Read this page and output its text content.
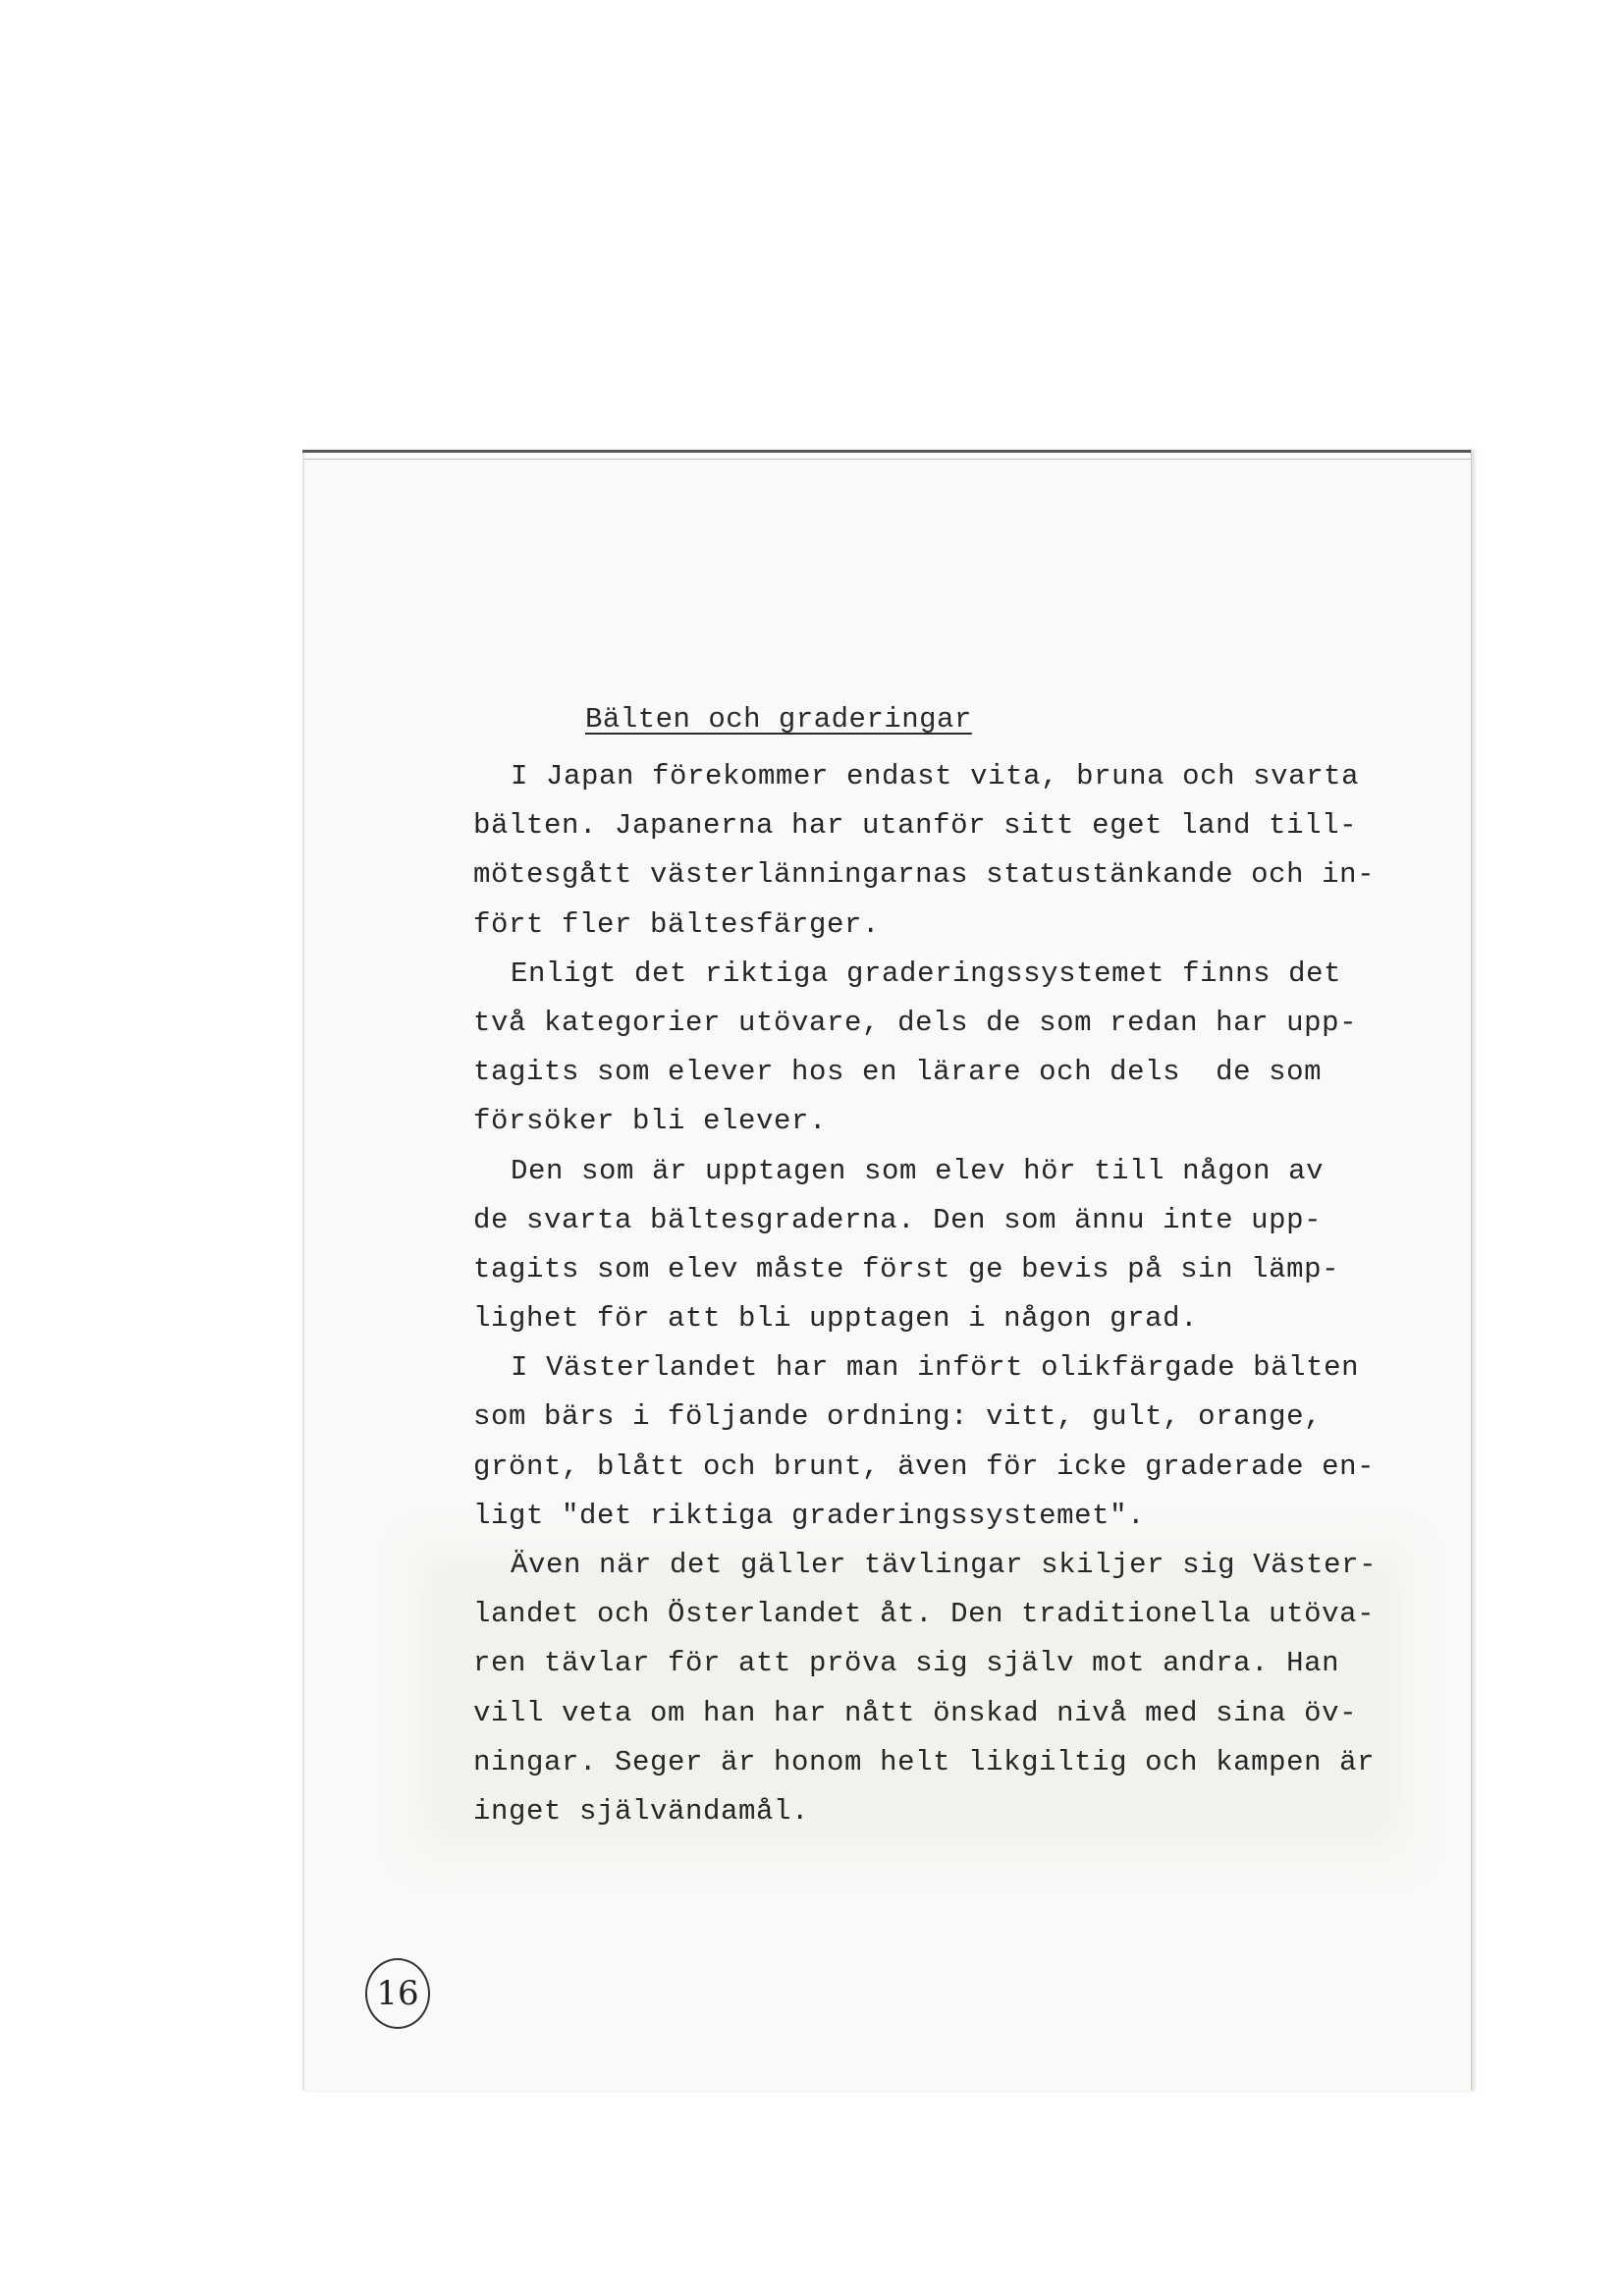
Bälten och graderingar
I Japan förekommer endast vita, bruna och svarta
bälten. Japanerna har utanför sitt eget land till-
mötesgått västerlänningarnas statustänkande och in-
fört fler bältesfärger.
Enligt det riktiga graderingssystemet finns det
två kategorier utövare, dels de som redan har upp-
tagits som elever hos en lärare och dels  de som
försöker bli elever.
Den som är upptagen som elev hör till någon av
de svarta bältesgraderna. Den som ännu inte upp-
tagits som elev måste först ge bevis på sin lämp-
lighet för att bli upptagen i någon grad.
I Västerlandet har man infört olikfärgade bälten
som bärs i följande ordning: vitt, gult, orange,
grönt, blått och brunt, även för icke graderade en-
ligt "det riktiga graderingssystemet".
Även när det gäller tävlingar skiljer sig Väster-
landet och Österlandet åt. Den traditionella utöva-
ren tävlar för att pröva sig själv mot andra. Han
vill veta om han har nått önskad nivå med sina öv-
ningar. Seger är honom helt likgiltig och kampen är
inget självändamål.
16
